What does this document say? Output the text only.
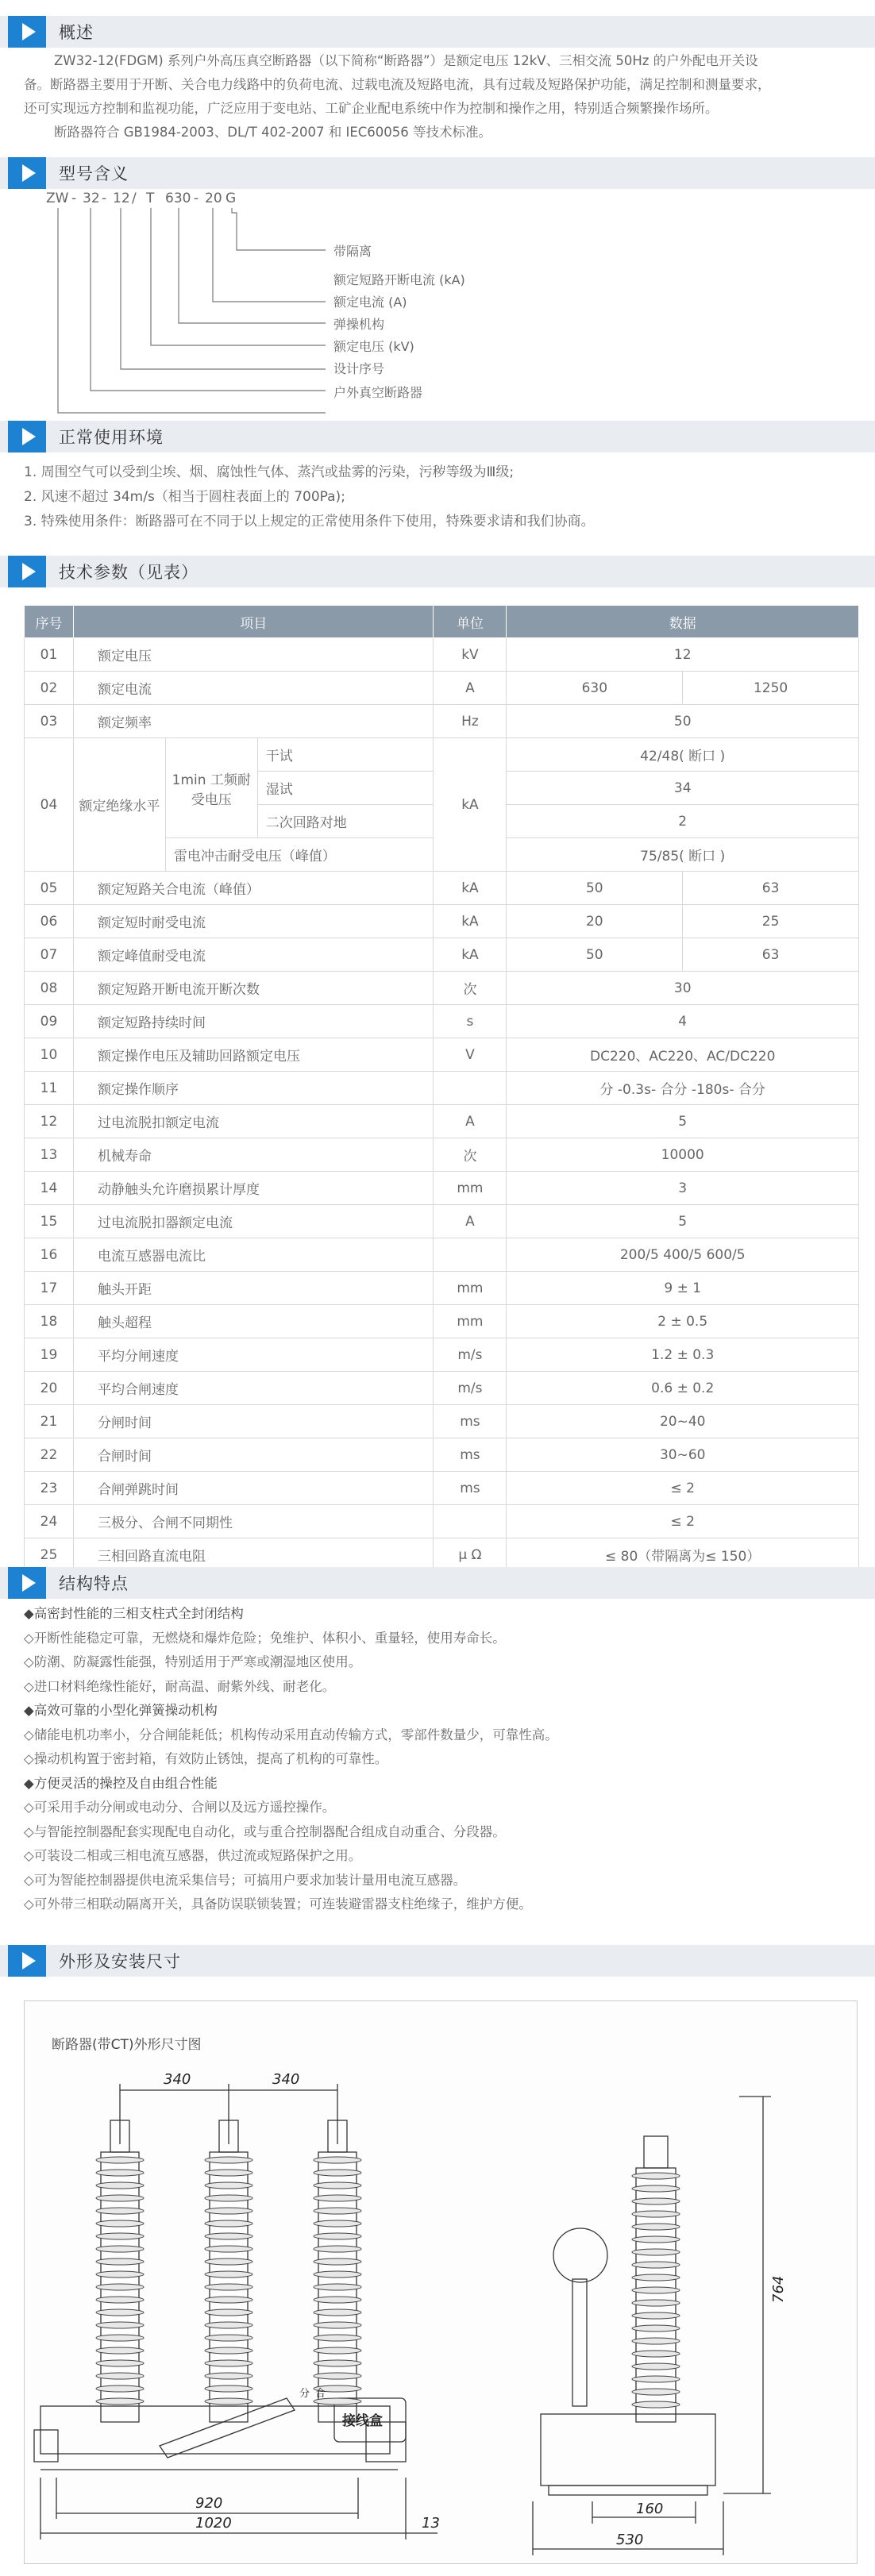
概述

ZW32-12(FDGM) 系列户外高压真空断路器（以下简称“断路器”）是额定电压 12kV、三相交流 50Hz 的户外配电开关设

备。断路器主要用于开断、关合电力线路中的负荷电流、过载电流及短路电流，具有过载及短路保护功能，满足控制和测量要求，

还可实现远方控制和监视功能，广泛应用于变电站、工矿企业配电系统中作为控制和操作之用，特别适合频繁操作场所。

断路器符合 GB1984-2003、DL/T 402-2007 和 IEC60056 等技术标准。

型号含义
ZW - 32 - 12 / T 630 - 20 G
带隔离
额定短路开断电流 (kA)
额定电流 (A)
弹操机构
额定电压 (kV)
设计序号
户外真空断路器
正常使用环境
1. 周围空气可以受到尘埃、烟、腐蚀性气体、蒸汽或盐雾的污染，污秽等级为Ⅲ级;
2. 风速不超过 34m/s（相当于圆柱表面上的 700Pa);
3. 特殊使用条件：断路器可在不同于以上规定的正常使用条件下使用，特殊要求请和我们协商。
技术参数（见表）
序号	项目			单位	数据	
01	额定电压			kV	12	
02	额定电流			A	630	1250
03	额定频率			Hz	50	
04	额定绝缘水平	1min 工频耐受电压	干试	kA	42/48( 断口 )	
			湿试		34	
			二次回路对地		2	
		雷电冲击耐受电压（峰值）			75/85( 断口 )	
05	额定短路关合电流（峰值）			kA	50	63
06	额定短时耐受电流			kA	20	25
07	额定峰值耐受电流			kA	50	63
08	额定短路开断电流开断次数			次	30	
09	额定短路持续时间			s	4	
10	额定操作电压及辅助回路额定电压			V	DC220、AC220、AC/DC220	
11	额定操作顺序				分 -0.3s- 合分 -180s- 合分	
12	过电流脱扣额定电流			A	5	
13	机械寿命			次	10000	
14	动静触头允许磨损累计厚度			mm	3	
15	过电流脱扣器额定电流			A	5	
16	电流互感器电流比				200/5 400/5 600/5	
17	触头开距			mm	9 ± 1	
18	触头超程			mm	2 ± 0.5	
19	平均分闸速度			m/s	1.2 ± 0.3	
20	平均合闸速度			m/s	0.6 ± 0.2	
21	分闸时间			ms	20~40	
22	合闸时间			ms	30~60	
23	合闸弹跳时间			ms	≤ 2	
24	三极分、合闸不同期性				≤ 2	
25	三相回路直流电阻			μ Ω	≤ 80（带隔离为≤ 150）	
结构特点
◆高密封性能的三相支柱式全封闭结构
◇开断性能稳定可靠，无燃烧和爆炸危险；免维护、体积小、重量轻，使用寿命长。
◇防潮、防凝露性能强，特别适用于严寒或潮湿地区使用。
◇进口材料绝缘性能好，耐高温、耐紫外线、耐老化。
◆高效可靠的小型化弹簧操动机构
◇储能电机功率小，分合闸能耗低；机构传动采用直动传输方式，零部件数量少，可靠性高。
◇操动机构置于密封箱，有效防止锈蚀，提高了机构的可靠性。
◆方便灵活的操控及自由组合性能
◇可采用手动分闸或电动分、合闸以及远方遥控操作。
◇与智能控制器配套实现配电自动化，或与重合控制器配合组成自动重合、分段器。
◇可装设二相或三相电流互感器，供过流或短路保护之用。
◇可为智能控制器提供电流采集信号；可搞用户要求加装计量用电流互感器。
◇可外带三相联动隔离开关，具备防误联锁装置；可连装避雷器支柱绝缘子，维护方便。
外形及安装尺寸
断路器(带CT)外形尺寸图
340	340
920
1020	13
764
160
530
接线盒
分 合
